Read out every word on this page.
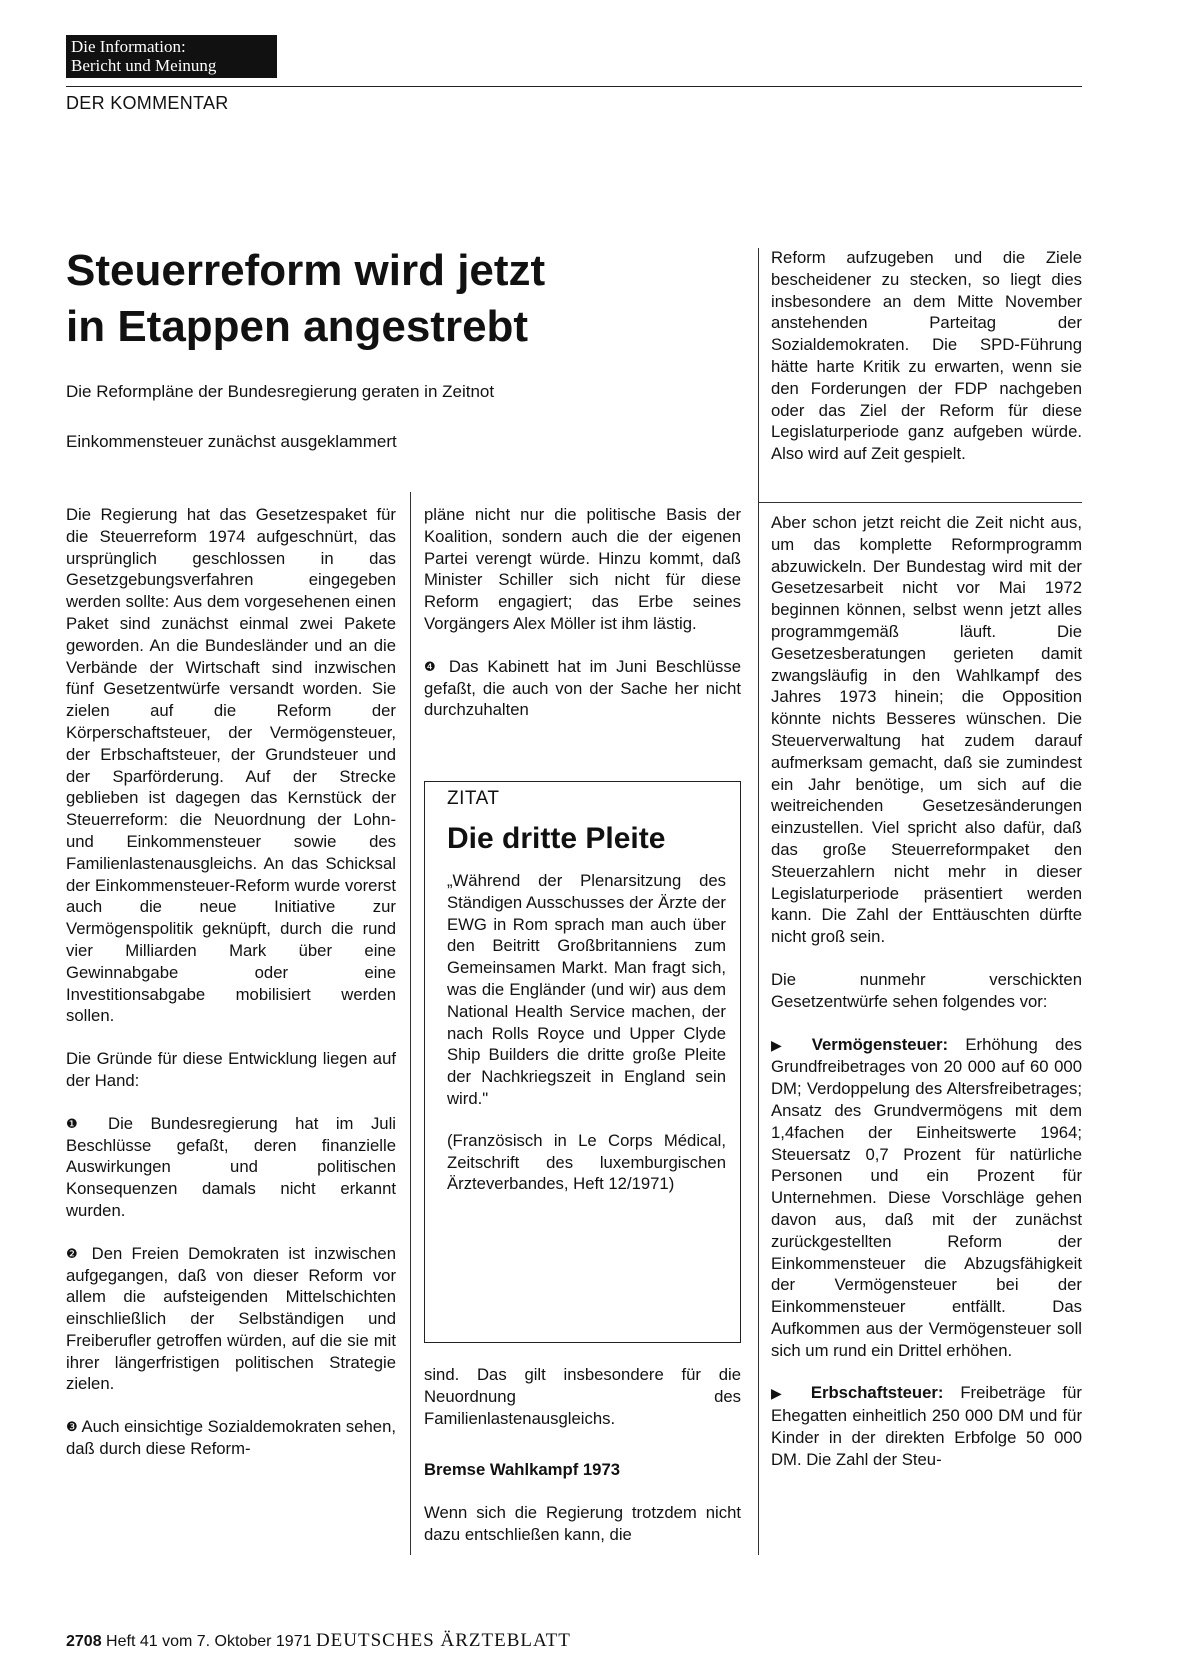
Die Information:
Bericht und Meinung
DER KOMMENTAR
Steuerreform wird jetzt
in Etappen angestrebt
Die Reformpläne der Bundesregierung geraten in Zeitnot
Einkommensteuer zunächst ausgeklammert

Die Regierung hat das Gesetzespaket für die Steuerreform 1974 aufgeschnürt, das ursprünglich geschlossen in das Gesetzgebungsverfahren eingegeben werden sollte: Aus dem vorgesehenen einen Paket sind zunächst einmal zwei Pakete geworden. An die Bundesländer und an die Verbände der Wirtschaft sind inzwischen fünf Gesetzentwürfe versandt worden. Sie zielen auf die Reform der Körperschaftsteuer, der Vermögensteuer, der Erbschaftsteuer, der Grundsteuer und der Sparförderung. Auf der Strecke geblieben ist dagegen das Kernstück der Steuerreform: die Neuordnung der Lohn- und Einkommensteuer sowie des Familienlastenausgleichs. An das Schicksal der Einkommensteuer-Reform wurde vorerst auch die neue Initiative zur Vermögenspolitik geknüpft, durch die rund vier Milliarden Mark über eine Gewinnabgabe oder eine Investitionsabgabe mobilisiert werden sollen.

Die Gründe für diese Entwicklung liegen auf der Hand:

❶ Die Bundesregierung hat im Juli Beschlüsse gefaßt, deren finanzielle Auswirkungen und politischen Konsequenzen damals nicht erkannt wurden.

❷ Den Freien Demokraten ist inzwischen aufgegangen, daß von dieser Reform vor allem die aufsteigenden Mittelschichten einschließlich der Selbständigen und Freiberufler getroffen würden, auf die sie mit ihrer längerfristigen politischen Strategie zielen.

❸ Auch einsichtige Sozialdemokraten sehen, daß durch diese Reform-

pläne nicht nur die politische Basis der Koalition, sondern auch die der eigenen Partei verengt würde. Hinzu kommt, daß Minister Schiller sich nicht für diese Reform engagiert; das Erbe seines Vorgängers Alex Möller ist ihm lästig.

❹ Das Kabinett hat im Juni Beschlüsse gefaßt, die auch von der Sache her nicht durchzuhalten

ZITAT
Die dritte Pleite

„Während der Plenarsitzung des Ständigen Ausschusses der Ärzte der EWG in Rom sprach man auch über den Beitritt Großbritanniens zum Gemeinsamen Markt. Man fragt sich, was die Engländer (und wir) aus dem National Health Service machen, der nach Rolls Royce und Upper Clyde Ship Builders die dritte große Pleite der Nachkriegszeit in England sein wird."

(Französisch in Le Corps Médical, Zeitschrift des luxemburgischen Ärzteverbandes, Heft 12/1971)

sind. Das gilt insbesondere für die Neuordnung des Familienlastenausgleichs.

Bremse Wahlkampf 1973

Wenn sich die Regierung trotzdem nicht dazu entschließen kann, die

Reform aufzugeben und die Ziele bescheidener zu stecken, so liegt dies insbesondere an dem Mitte November anstehenden Parteitag der Sozialdemokraten. Die SPD-Führung hätte harte Kritik zu erwarten, wenn sie den Forderungen der FDP nachgeben oder das Ziel der Reform für diese Legislaturperiode ganz aufgeben würde. Also wird auf Zeit gespielt.

Aber schon jetzt reicht die Zeit nicht aus, um das komplette Reformprogramm abzuwickeln. Der Bundestag wird mit der Gesetzesarbeit nicht vor Mai 1972 beginnen können, selbst wenn jetzt alles programmgemäß läuft. Die Gesetzesberatungen gerieten damit zwangsläufig in den Wahlkampf des Jahres 1973 hinein; die Opposition könnte nichts Besseres wünschen. Die Steuerverwaltung hat zudem darauf aufmerksam gemacht, daß sie zumindest ein Jahr benötige, um sich auf die weitreichenden Gesetzesänderungen einzustellen. Viel spricht also dafür, daß das große Steuerreformpaket den Steuerzahlern nicht mehr in dieser Legislaturperiode präsentiert werden kann. Die Zahl der Enttäuschten dürfte nicht groß sein.

Die nunmehr verschickten Gesetzentwürfe sehen folgendes vor:

▶ Vermögensteuer: Erhöhung des Grundfreibetrages von 20 000 auf 60 000 DM; Verdoppelung des Altersfreibetrages; Ansatz des Grundvermögens mit dem 1,4fachen der Einheitswerte 1964; Steuersatz 0,7 Prozent für natürliche Personen und ein Prozent für Unternehmen. Diese Vorschläge gehen davon aus, daß mit der zunächst zurückgestellten Reform der Einkommensteuer die Abzugsfähigkeit der Vermögensteuer bei der Einkommensteuer entfällt. Das Aufkommen aus der Vermögensteuer soll sich um rund ein Drittel erhöhen.

▶ Erbschaftsteuer: Freibeträge für Ehegatten einheitlich 250 000 DM und für Kinder in der direkten Erbfolge 50 000 DM. Die Zahl der Steu-

2708 Heft 41 vom 7. Oktober 1971 DEUTSCHES ÄRZTEBLATT
